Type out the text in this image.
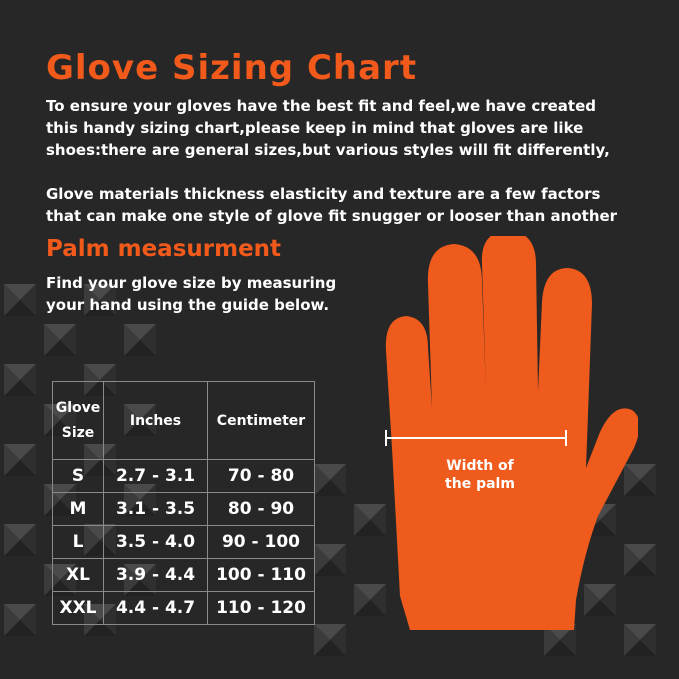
Glove Sizing Chart

To ensure your gloves have the best fit and feel,we have created
this handy sizing chart,please keep in mind that gloves are like
shoes:there are general sizes,but various styles will fit differently,

Glove materials thickness elasticity and texture are a few factors
that can make one style of glove fit snugger or looser than another

Palm measurment

Find your glove size by measuring
your hand using the guide below.

Glove
Size	Inches	Centimeter
S	2.7 - 3.1	70 - 80
M	3.1 - 3.5	80 - 90
L	3.5 - 4.0	90 - 100
XL	3.9 - 4.4	100 - 110
XXL	4.4 - 4.7	110 - 120
Width of
the palm
